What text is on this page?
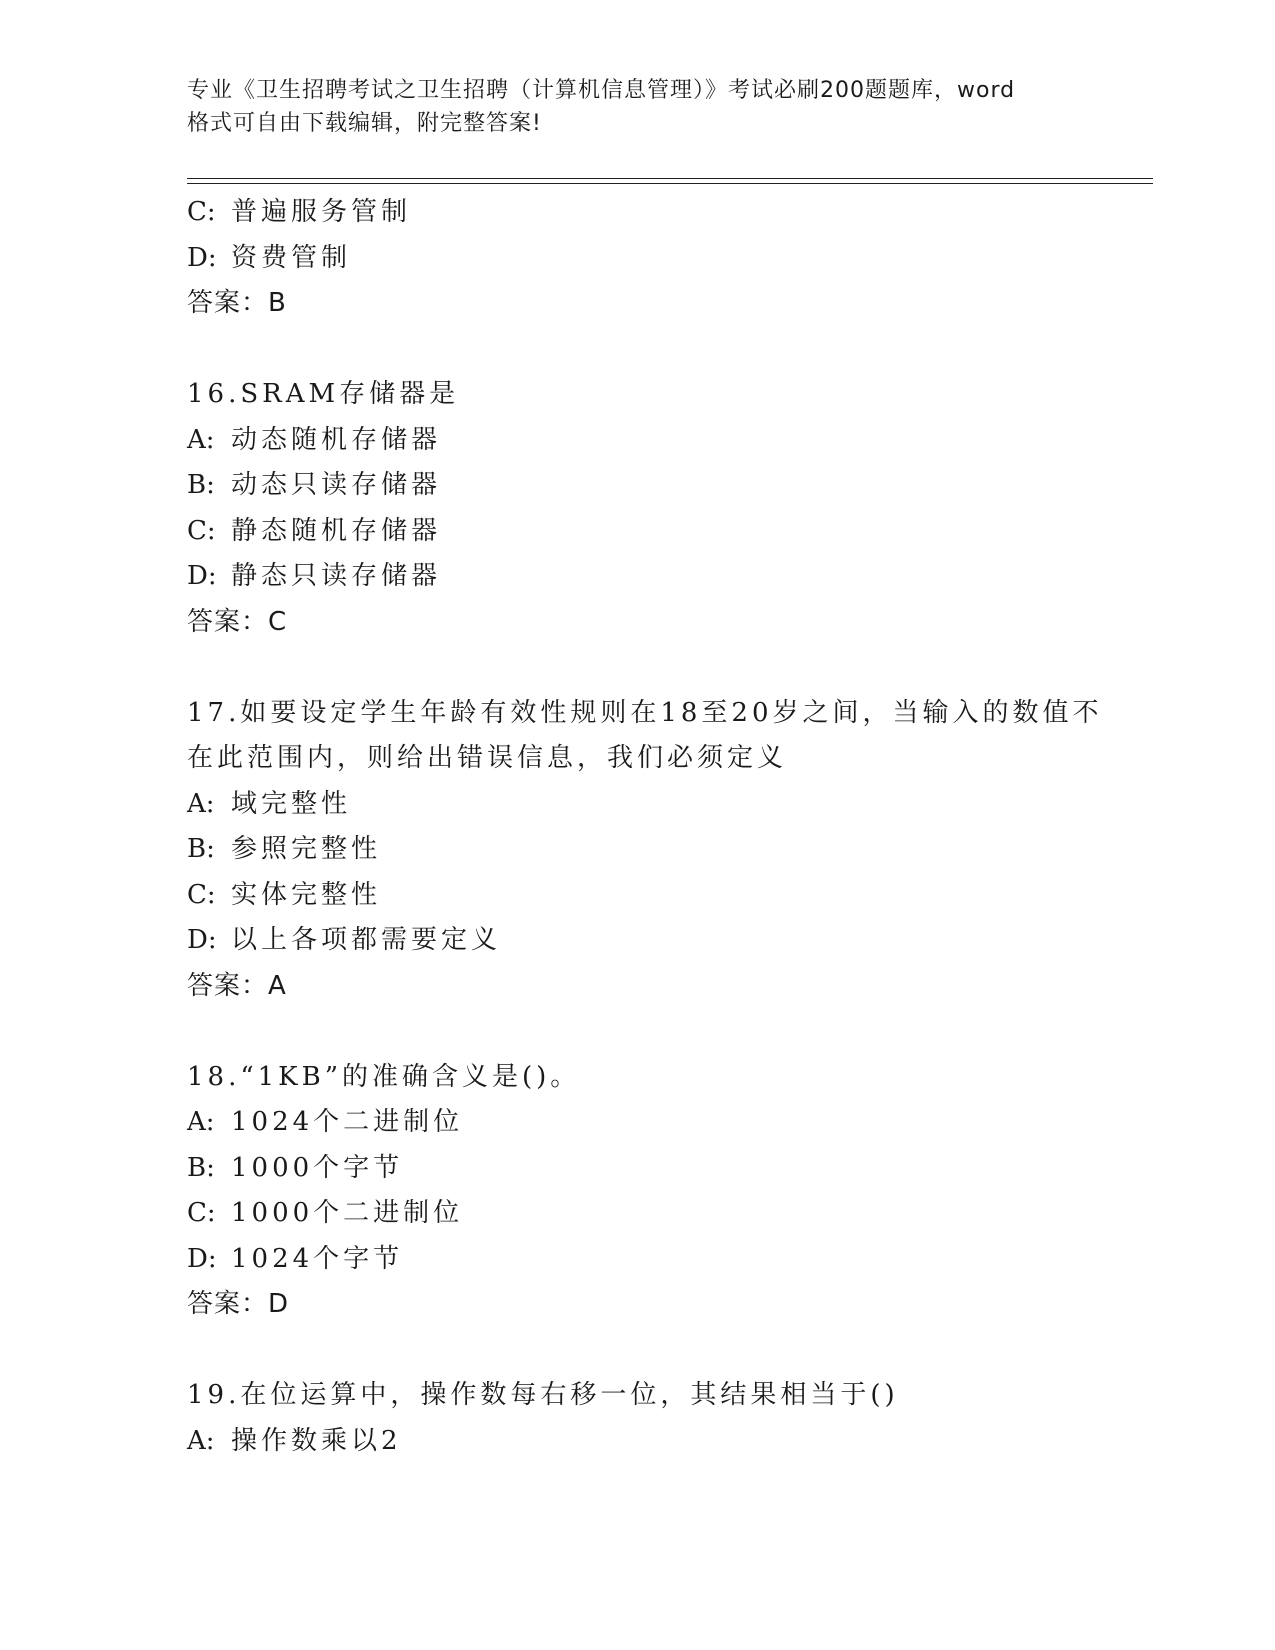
专业《卫生招聘考试之卫生招聘（计算机信息管理）》考试必刷200题题库，word
格式可自由下载编辑，附完整答案!
C: 普遍服务管制
D: 资费管制
答案：B
16.SRAM存储器是
A: 动态随机存储器
B: 动态只读存储器
C: 静态随机存储器
D: 静态只读存储器
答案：C
17.如要设定学生年龄有效性规则在18至20岁之间，当输入的数值不
在此范围内，则给出错误信息，我们必须定义
A: 域完整性
B: 参照完整性
C: 实体完整性
D: 以上各项都需要定义
答案：A
18.“1KB”的准确含义是()。
A: 1024个二进制位
B: 1000个字节
C: 1000个二进制位
D: 1024个字节
答案：D
19.在位运算中，操作数每右移一位，其结果相当于()
A: 操作数乘以2
